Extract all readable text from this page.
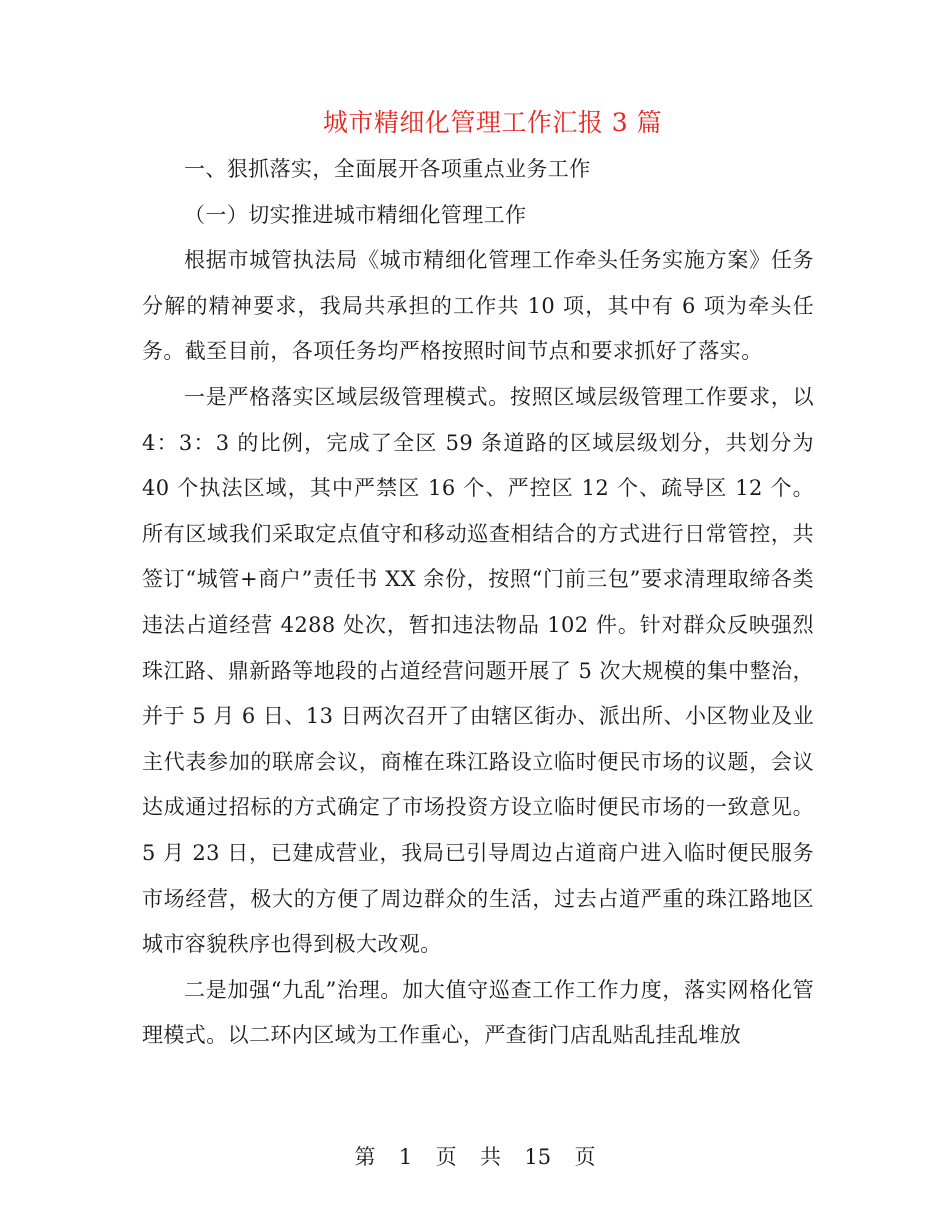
城市精细化管理工作汇报 3 篇

一、狠抓落实，全面展开各项重点业务工作

（一）切实推进城市精细化管理工作

根据市城管执法局《城市精细化管理工作牵头任务实施方案》任务分解的精神要求，我局共承担的工作共 10 项，其中有 6 项为牵头任务。截至目前，各项任务均严格按照时间节点和要求抓好了落实。

一是严格落实区域层级管理模式。按照区域层级管理工作要求，以 4：3：3 的比例，完成了全区 59 条道路的区域层级划分，共划分为 40 个执法区域，其中严禁区 16 个、严控区 12 个、疏导区 12 个。所有区域我们采取定点值守和移动巡查相结合的方式进行日常管控，共签订“城管+商户”责任书 XX 余份，按照“门前三包”要求清理取缔各类违法占道经营 4288 处次，暂扣违法物品 102 件。针对群众反映强烈珠江路、鼎新路等地段的占道经营问题开展了 5 次大规模的集中整治，并于 5 月 6 日、13 日两次召开了由辖区街办、派出所、小区物业及业主代表参加的联席会议，商榷在珠江路设立临时便民市场的议题，会议达成通过招标的方式确定了市场投资方设立临时便民市场的一致意见。5 月 23 日，已建成营业，我局已引导周边占道商户进入临时便民服务市场经营，极大的方便了周边群众的生活，过去占道严重的珠江路地区城市容貌秩序也得到极大改观。

二是加强“九乱”治理。加大值守巡查工作工作力度，落实网格化管理模式。以二环内区域为工作重心，严查街门店乱贴乱挂乱堆放

第 1 页 共 15 页
